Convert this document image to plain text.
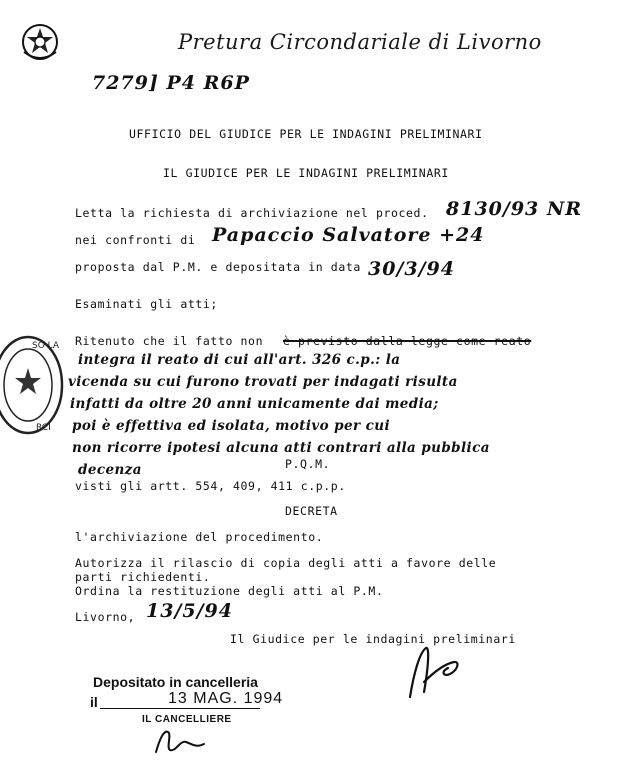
Pretura Circondariale di Livorno
7279] P4 R6P
UFFICIO DEL GIUDICE PER LE INDAGINI PRELIMINARI
IL GIUDICE PER LE INDAGINI PRELIMINARI
Letta la richiesta di archiviazione nel proced. 8130/93 NR
nei confronti di Papaccio Salvatore +24
proposta dal P.M. e depositata in data 30/3/94
Esaminati gli atti;
Ritenuto che il fatto non è previsto dalla legge come reato
SO LA
RCI
integra il reato di cui all'art. 326 c.p.: la
vicenda su cui furono trovati per indagati risulta
infatti da oltre 20 anni unicamente dai media;
poi è effettiva ed isolata, motivo per cui
non ricorre ipotesi alcuna atti contrari alla pubblica
decenza	P.Q.M.
visti gli artt. 554, 409, 411 c.p.p.
DECRETA
l'archiviazione del procedimento.
Autorizza il rilascio di copia degli atti a favore delle
parti richiedenti.
Ordina la restituzione degli atti al P.M.
Livorno, 13/5/94
Il Giudice per le indagini preliminari
Depositato in cancelleria
il	13 MAG. 1994
IL CANCELLIERE
